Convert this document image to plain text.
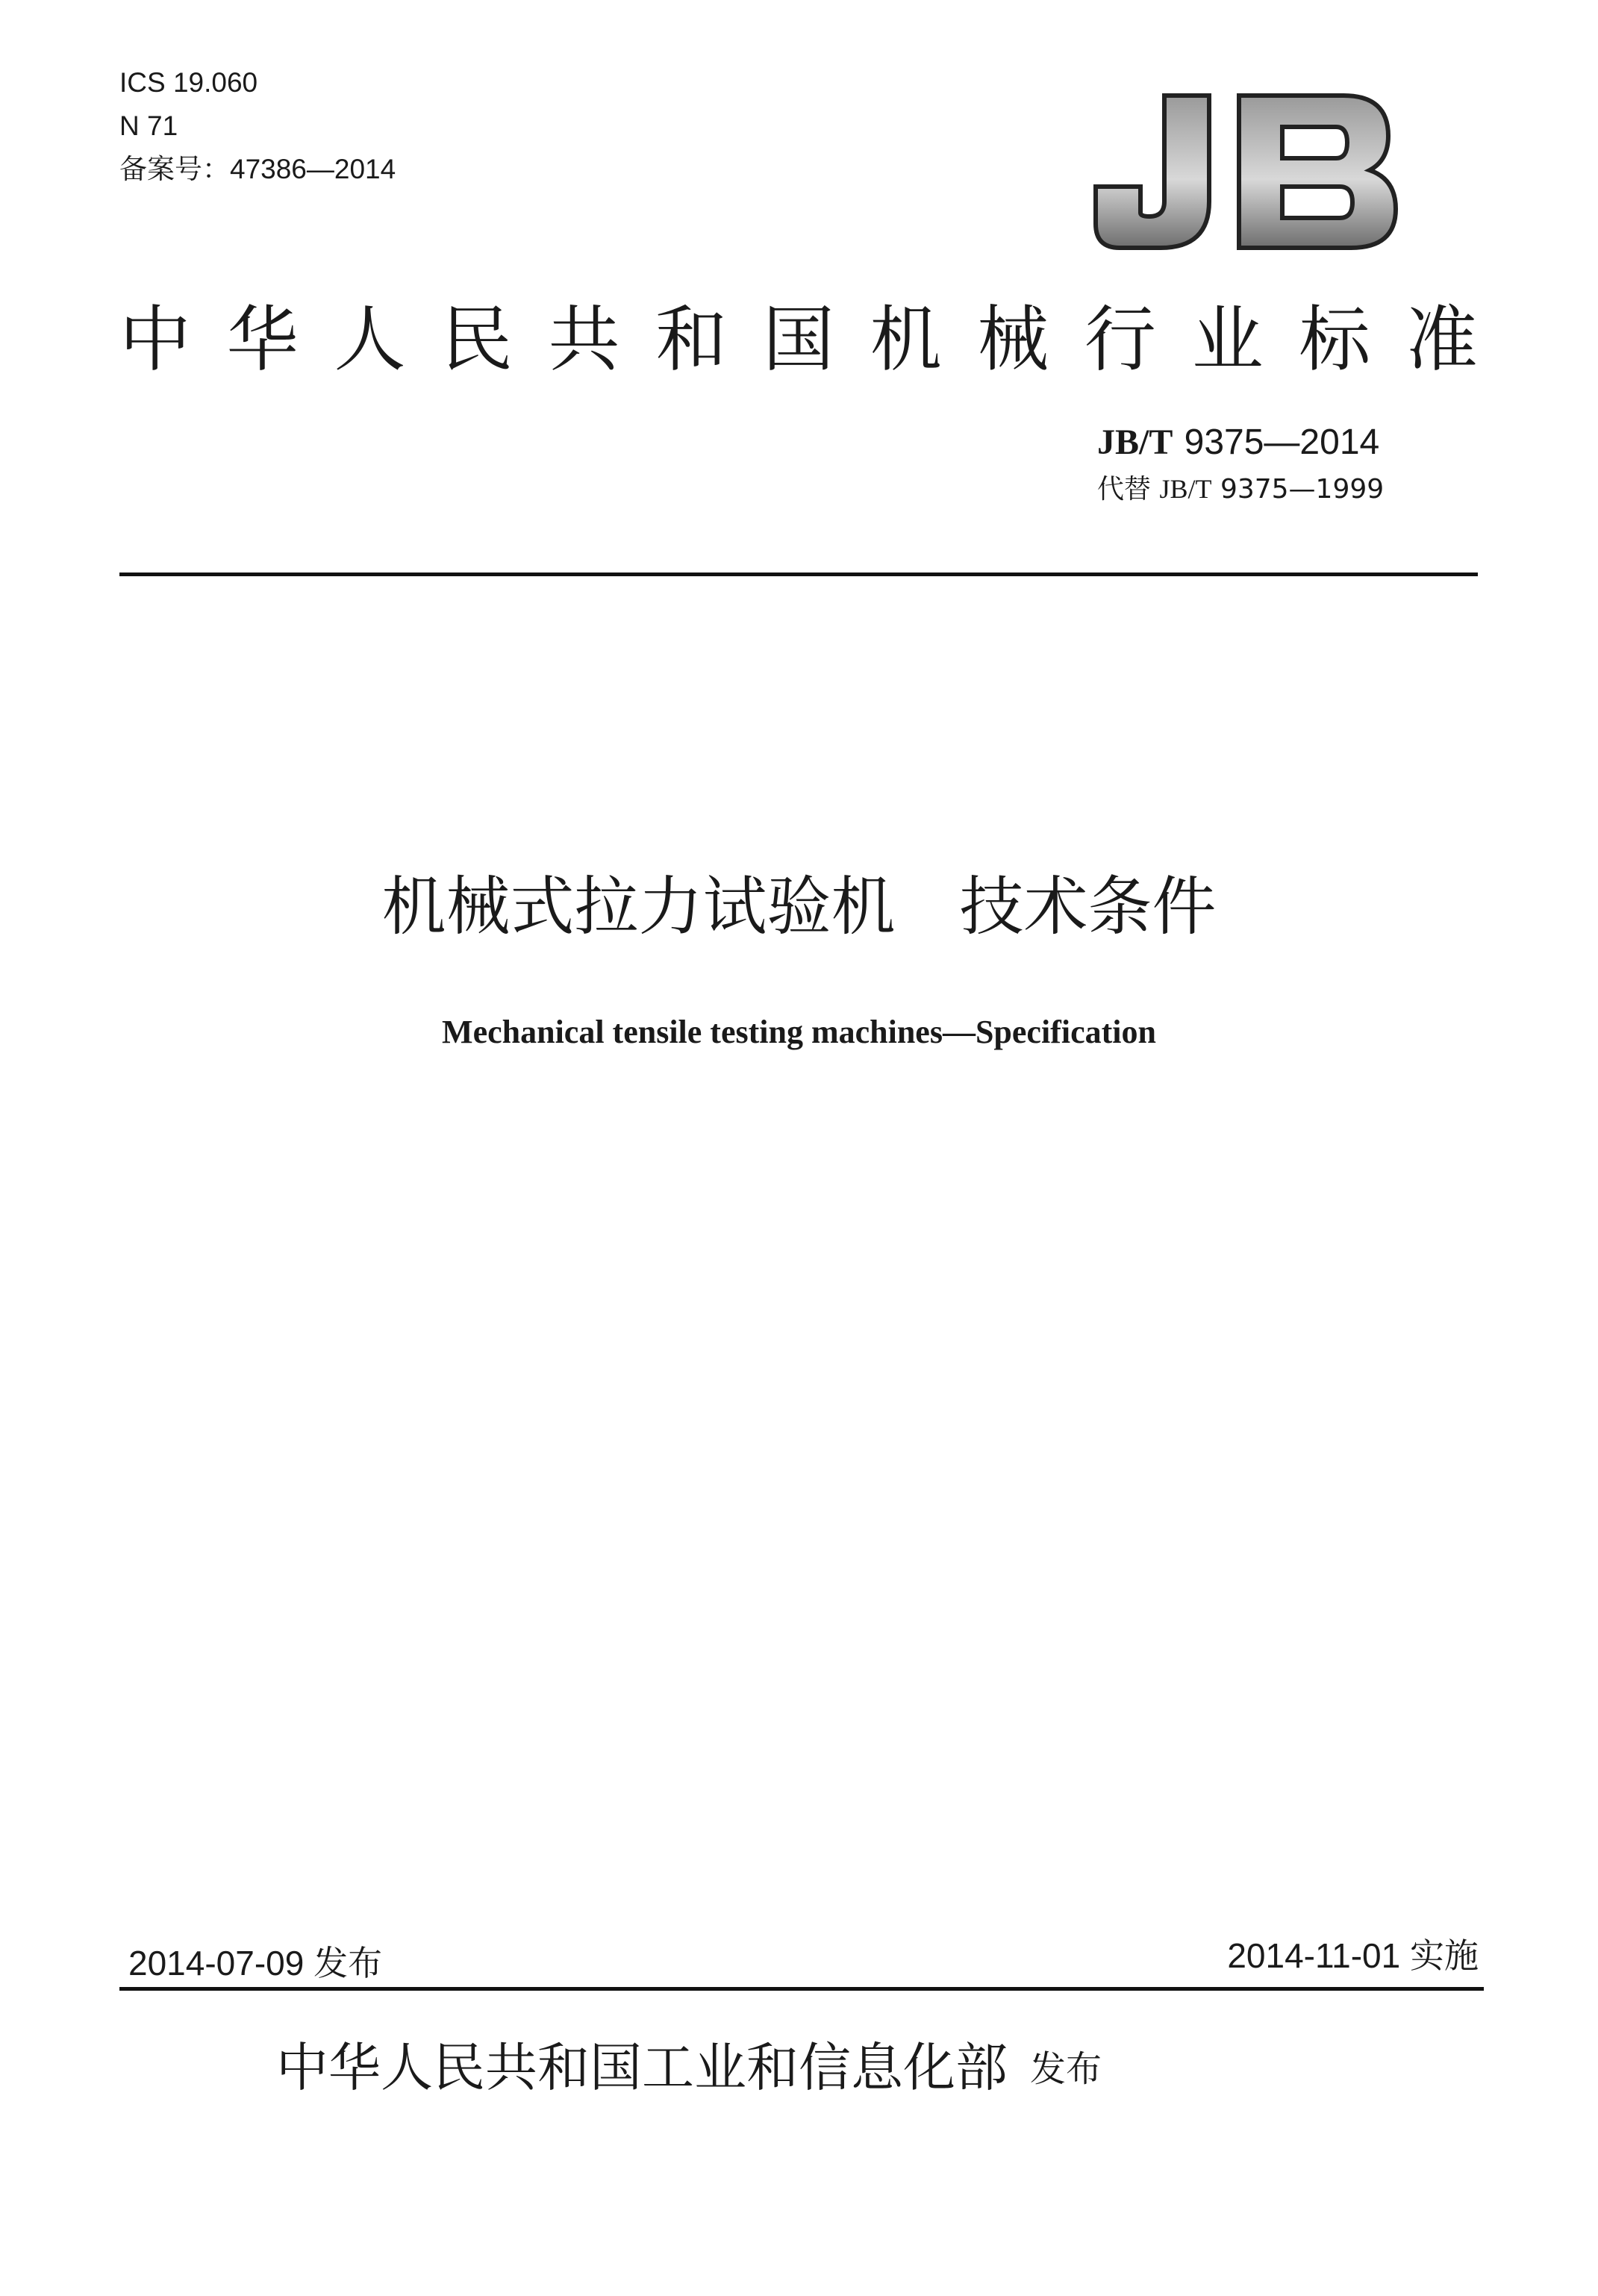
ICS 19.060
N 71
备案号：47386—2014
JB
中 华 人 民 共 和 国 机 械 行 业 标 准
JB/T 9375—2014
代替 JB/T 9375—1999
机械式拉力试验机　技术条件
Mechanical tensile testing machines—Specification
2014-07-09 发布	2014-11-01 实施
中华人民共和国工业和信息化部 发布
